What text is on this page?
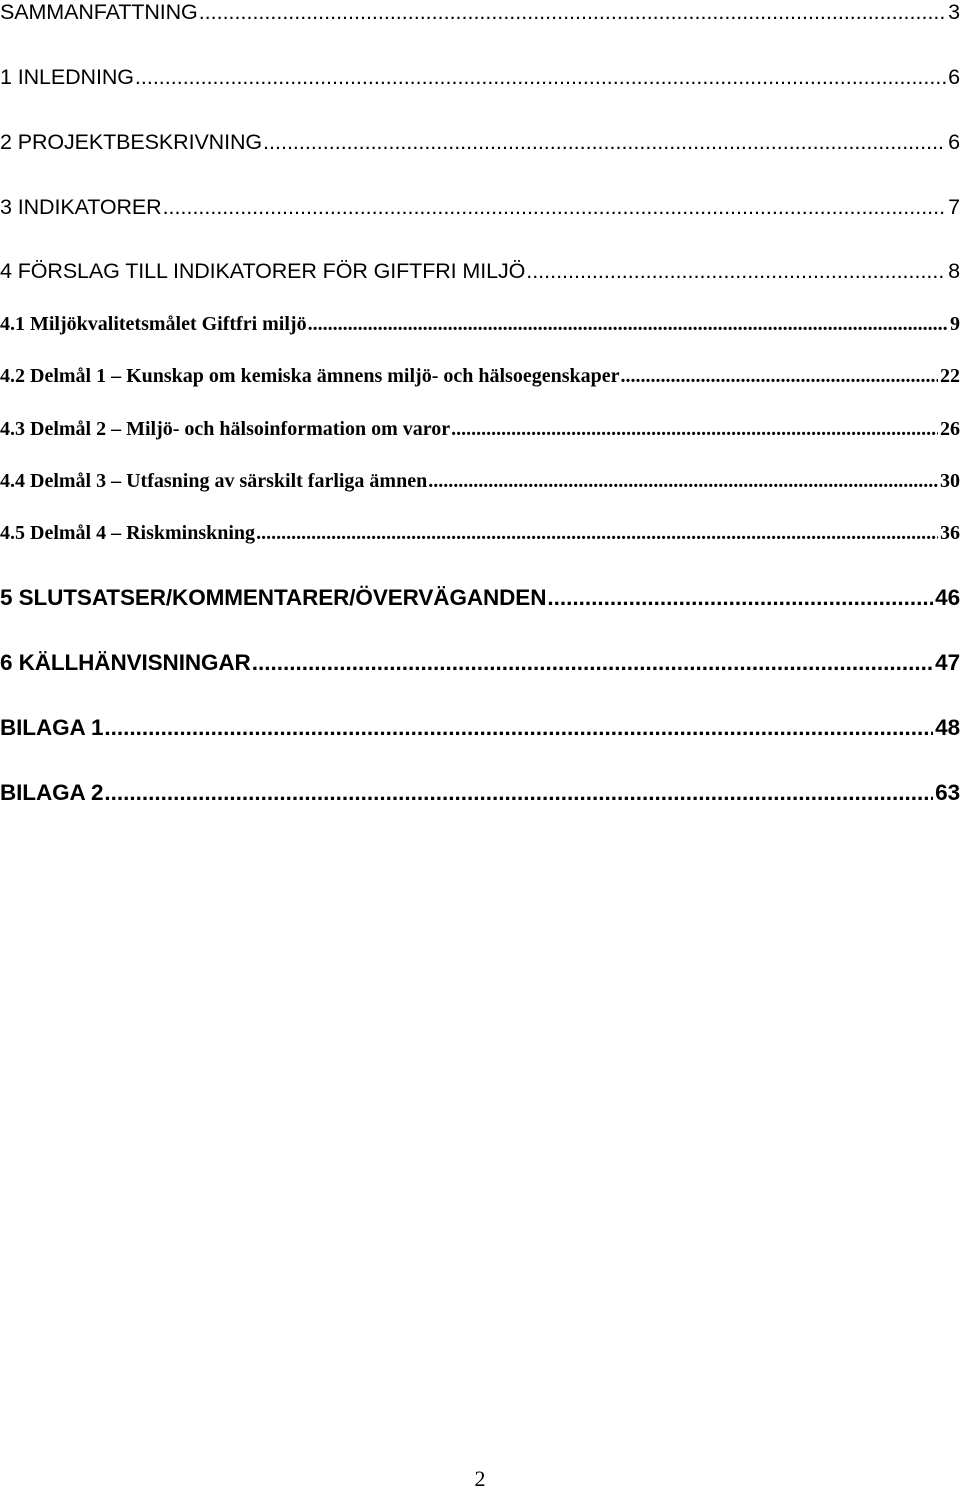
SAMMANFATTNING .....	3
1 INLEDNING .....	6
2 PROJEKTBESKRIVNING .....	6
3 INDIKATORER .....	7
4 FÖRSLAG TILL INDIKATORER FÖR GIFTFRI MILJÖ .....	8
4.1 Miljökvalitetsmålet Giftfri miljö .....	9
4.2 Delmål 1 – Kunskap om kemiska ämnens miljö- och hälsoegenskaper .....	22
4.3 Delmål 2 – Miljö- och hälsoinformation om varor .....	26
4.4 Delmål 3 – Utfasning av särskilt farliga ämnen .....	30
4.5 Delmål 4 – Riskminskning .....	36
5 SLUTSATSER/KOMMENTARER/ÖVERVÄGANDEN .....	46
6 KÄLLHÄNVISNINGAR .....	47
BILAGA 1 .....	48
BILAGA 2 .....	63
2
